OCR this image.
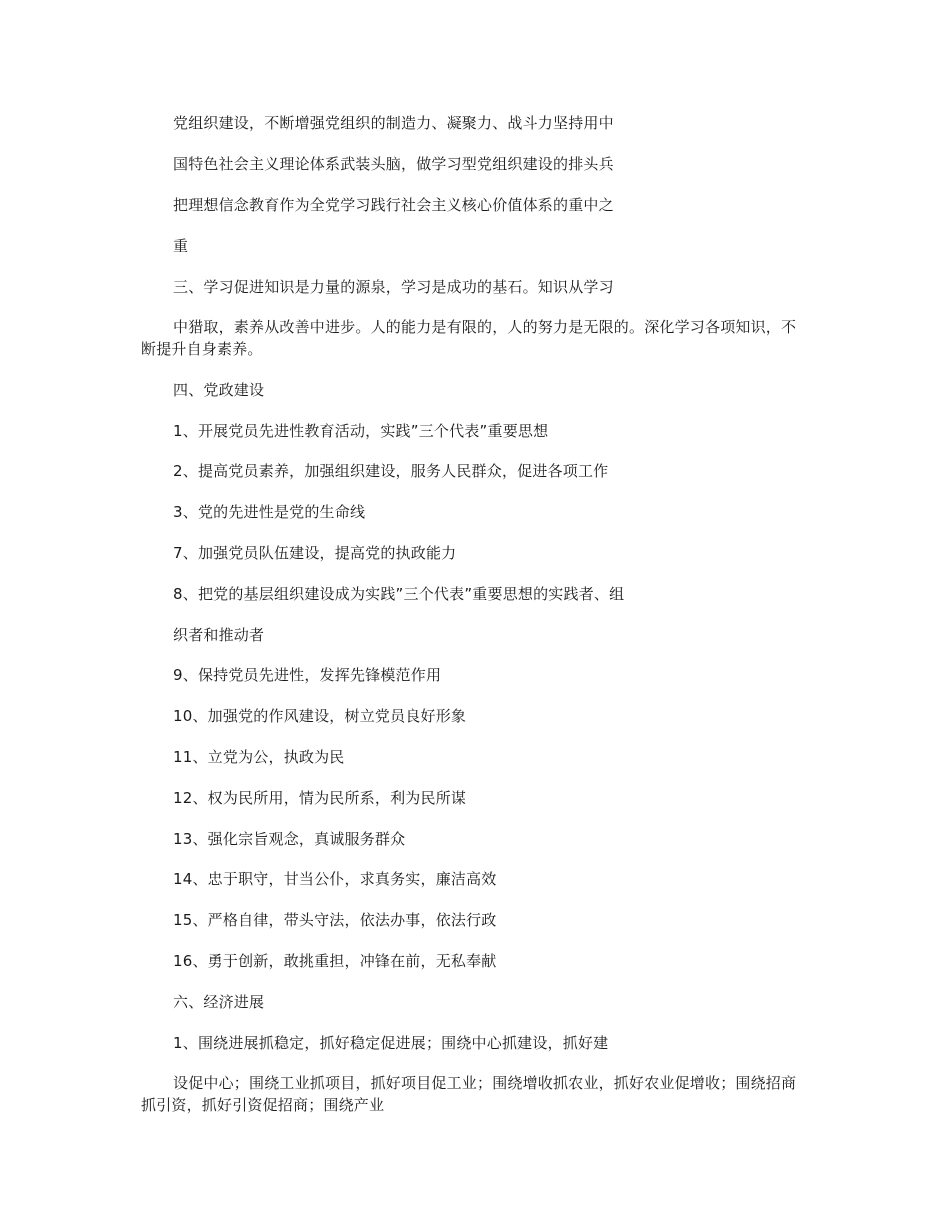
党组织建设，不断增强党组织的制造力、凝聚力、战斗力坚持用中

国特色社会主义理论体系武装头脑，做学习型党组织建设的排头兵

把理想信念教育作为全党学习践行社会主义核心价值体系的重中之

重

三、学习促进知识是力量的源泉，学习是成功的基石。知识从学习

中猎取，素养从改善中进步。人的能力是有限的，人的努力是无限的。深化学习各项知识，不断提升自身素养。

四、党政建设

1、开展党员先进性教育活动，实践”三个代表”重要思想

2、提高党员素养，加强组织建设，服务人民群众，促进各项工作

3、党的先进性是党的生命线

7、加强党员队伍建设，提高党的执政能力

8、把党的基层组织建设成为实践”三个代表”重要思想的实践者、组

织者和推动者

9、保持党员先进性，发挥先锋模范作用

10、加强党的作风建设，树立党员良好形象

11、立党为公，执政为民

12、权为民所用，情为民所系，利为民所谋

13、强化宗旨观念，真诚服务群众

14、忠于职守，甘当公仆，求真务实，廉洁高效

15、严格自律，带头守法，依法办事，依法行政

16、勇于创新，敢挑重担，冲锋在前，无私奉献

六、经济进展

1、围绕进展抓稳定，抓好稳定促进展；围绕中心抓建设，抓好建

设促中心；围绕工业抓项目，抓好项目促工业；围绕增收抓农业，抓好农业促增收；围绕招商抓引资，抓好引资促招商；围绕产业
